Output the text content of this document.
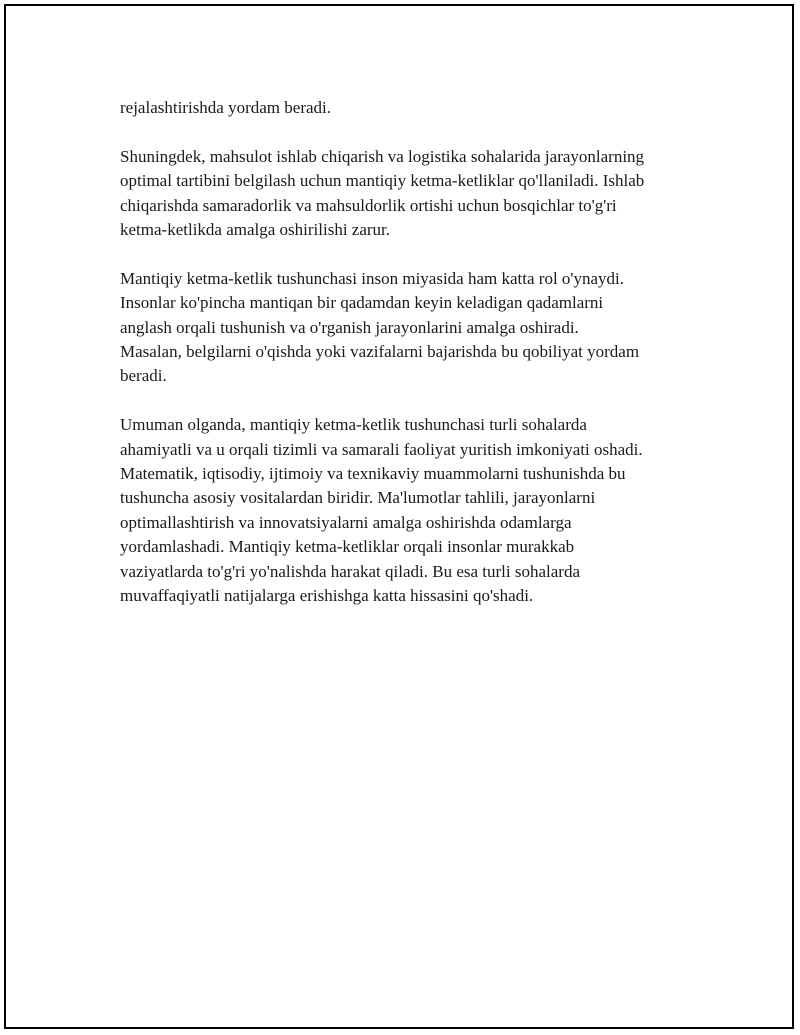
rejalashtirishda yordam beradi.

Shuningdek, mahsulot ishlab chiqarish va logistika sohalarida jarayonlarning
optimal tartibini belgilash uchun mantiqiy ketma-ketliklar qo'llaniladi. Ishlab
chiqarishda samaradorlik va mahsuldorlik ortishi uchun bosqichlar to'g'ri
ketma-ketlikda amalga oshirilishi zarur.

Mantiqiy ketma-ketlik tushunchasi inson miyasida ham katta rol o'ynaydi.
Insonlar ko'pincha mantiqan bir qadamdan keyin keladigan qadamlarni
anglash orqali tushunish va o'rganish jarayonlarini amalga oshiradi.
Masalan, belgilarni o'qishda yoki vazifalarni bajarishda bu qobiliyat yordam
beradi.

Umuman olganda, mantiqiy ketma-ketlik tushunchasi turli sohalarda
ahamiyatli va u orqali tizimli va samarali faoliyat yuritish imkoniyati oshadi.
Matematik, iqtisodiy, ijtimoiy va texnikaviy muammolarni tushunishda bu
tushuncha asosiy vositalardan biridir. Ma'lumotlar tahlili, jarayonlarni
optimallashtirish va innovatsiyalarni amalga oshirishda odamlarga
yordamlashadi. Mantiqiy ketma-ketliklar orqali insonlar murakkab
vaziyatlarda to'g'ri yo'nalishda harakat qiladi. Bu esa turli sohalarda
muvaffaqiyatli natijalarga erishishga katta hissasini qo'shadi.
